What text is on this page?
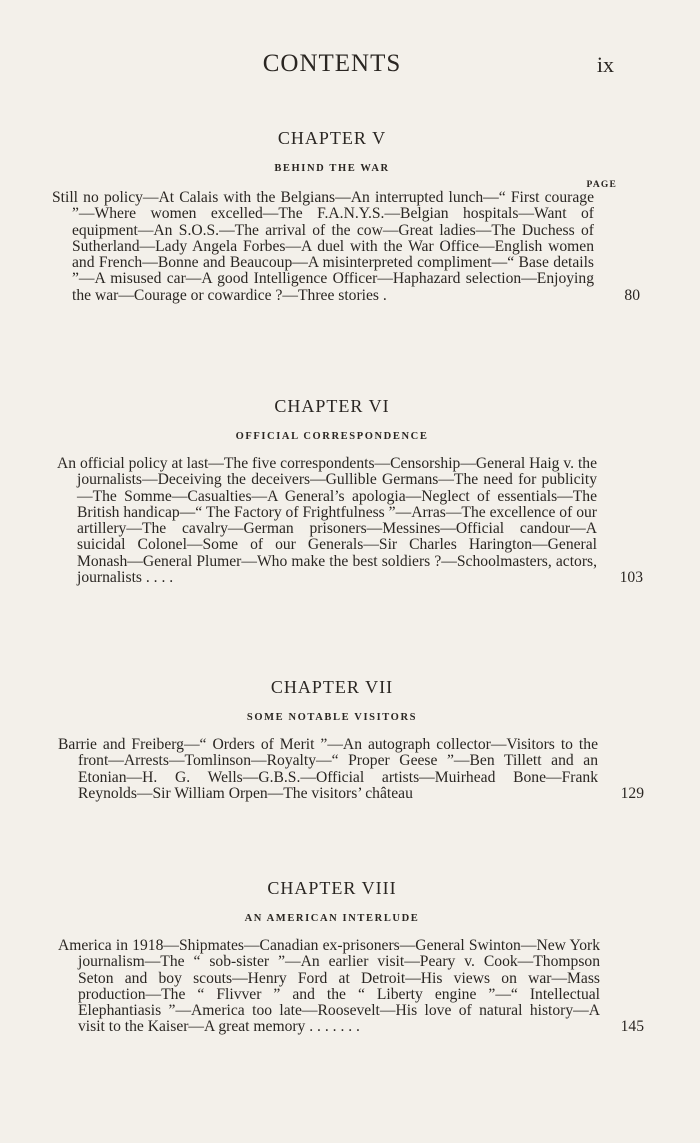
CONTENTS	ix
CHAPTER V
BEHIND THE WAR
PAGE
Still no policy—At Calais with the Belgians—An interrupted lunch—“ First courage ”—Where women excelled—The F.A.N.Y.S.—Belgian hospitals—Want of equipment—An S.O.S.—The arrival of the cow—Great ladies—The Duchess of Sutherland—Lady Angela Forbes—A duel with the War Office—English women and French—Bonne and Beaucoup—A misinterpreted compliment—“ Base details ”—A misused car—A good Intelligence Officer—Haphazard selection—Enjoying the war—Courage or cowardice ?—Three stories .	80
CHAPTER VI
OFFICIAL CORRESPONDENCE
An official policy at last—The five correspondents—Censorship—General Haig v. the journalists—Deceiving the deceivers—Gullible Germans—The need for publicity—The Somme—Casualties—A General’s apologia—Neglect of essentials—The British handicap—“ The Factory of Frightfulness ”—Arras—The excellence of our artillery—The cavalry—German prisoners—Messines—Official candour—A suicidal Colonel—Some of our Generals—Sir Charles Harington—General Monash—General Plumer—Who make the best soldiers ?—Schoolmasters, actors, journalists . . . .	103
CHAPTER VII
SOME NOTABLE VISITORS
Barrie and Freiberg—“ Orders of Merit ”—An autograph collector—Visitors to the front—Arrests—Tomlinson—Royalty—“ Proper Geese ”—Ben Tillett and an Etonian—H. G. Wells—G.B.S.—Official artists—Muirhead Bone—Frank Reynolds—Sir William Orpen—The visitors’ château	129
CHAPTER VIII
AN AMERICAN INTERLUDE
America in 1918—Shipmates—Canadian ex-prisoners—General Swinton—New York journalism—The “ sob-sister ”—An earlier visit—Peary v. Cook—Thompson Seton and boy scouts—Henry Ford at Detroit—His views on war—Mass production—The “ Flivver ” and the “ Liberty engine ”—“ Intellectual Elephantiasis ”—America too late—Roosevelt—His love of natural history—A visit to the Kaiser—A great memory . . . . . . .	145
